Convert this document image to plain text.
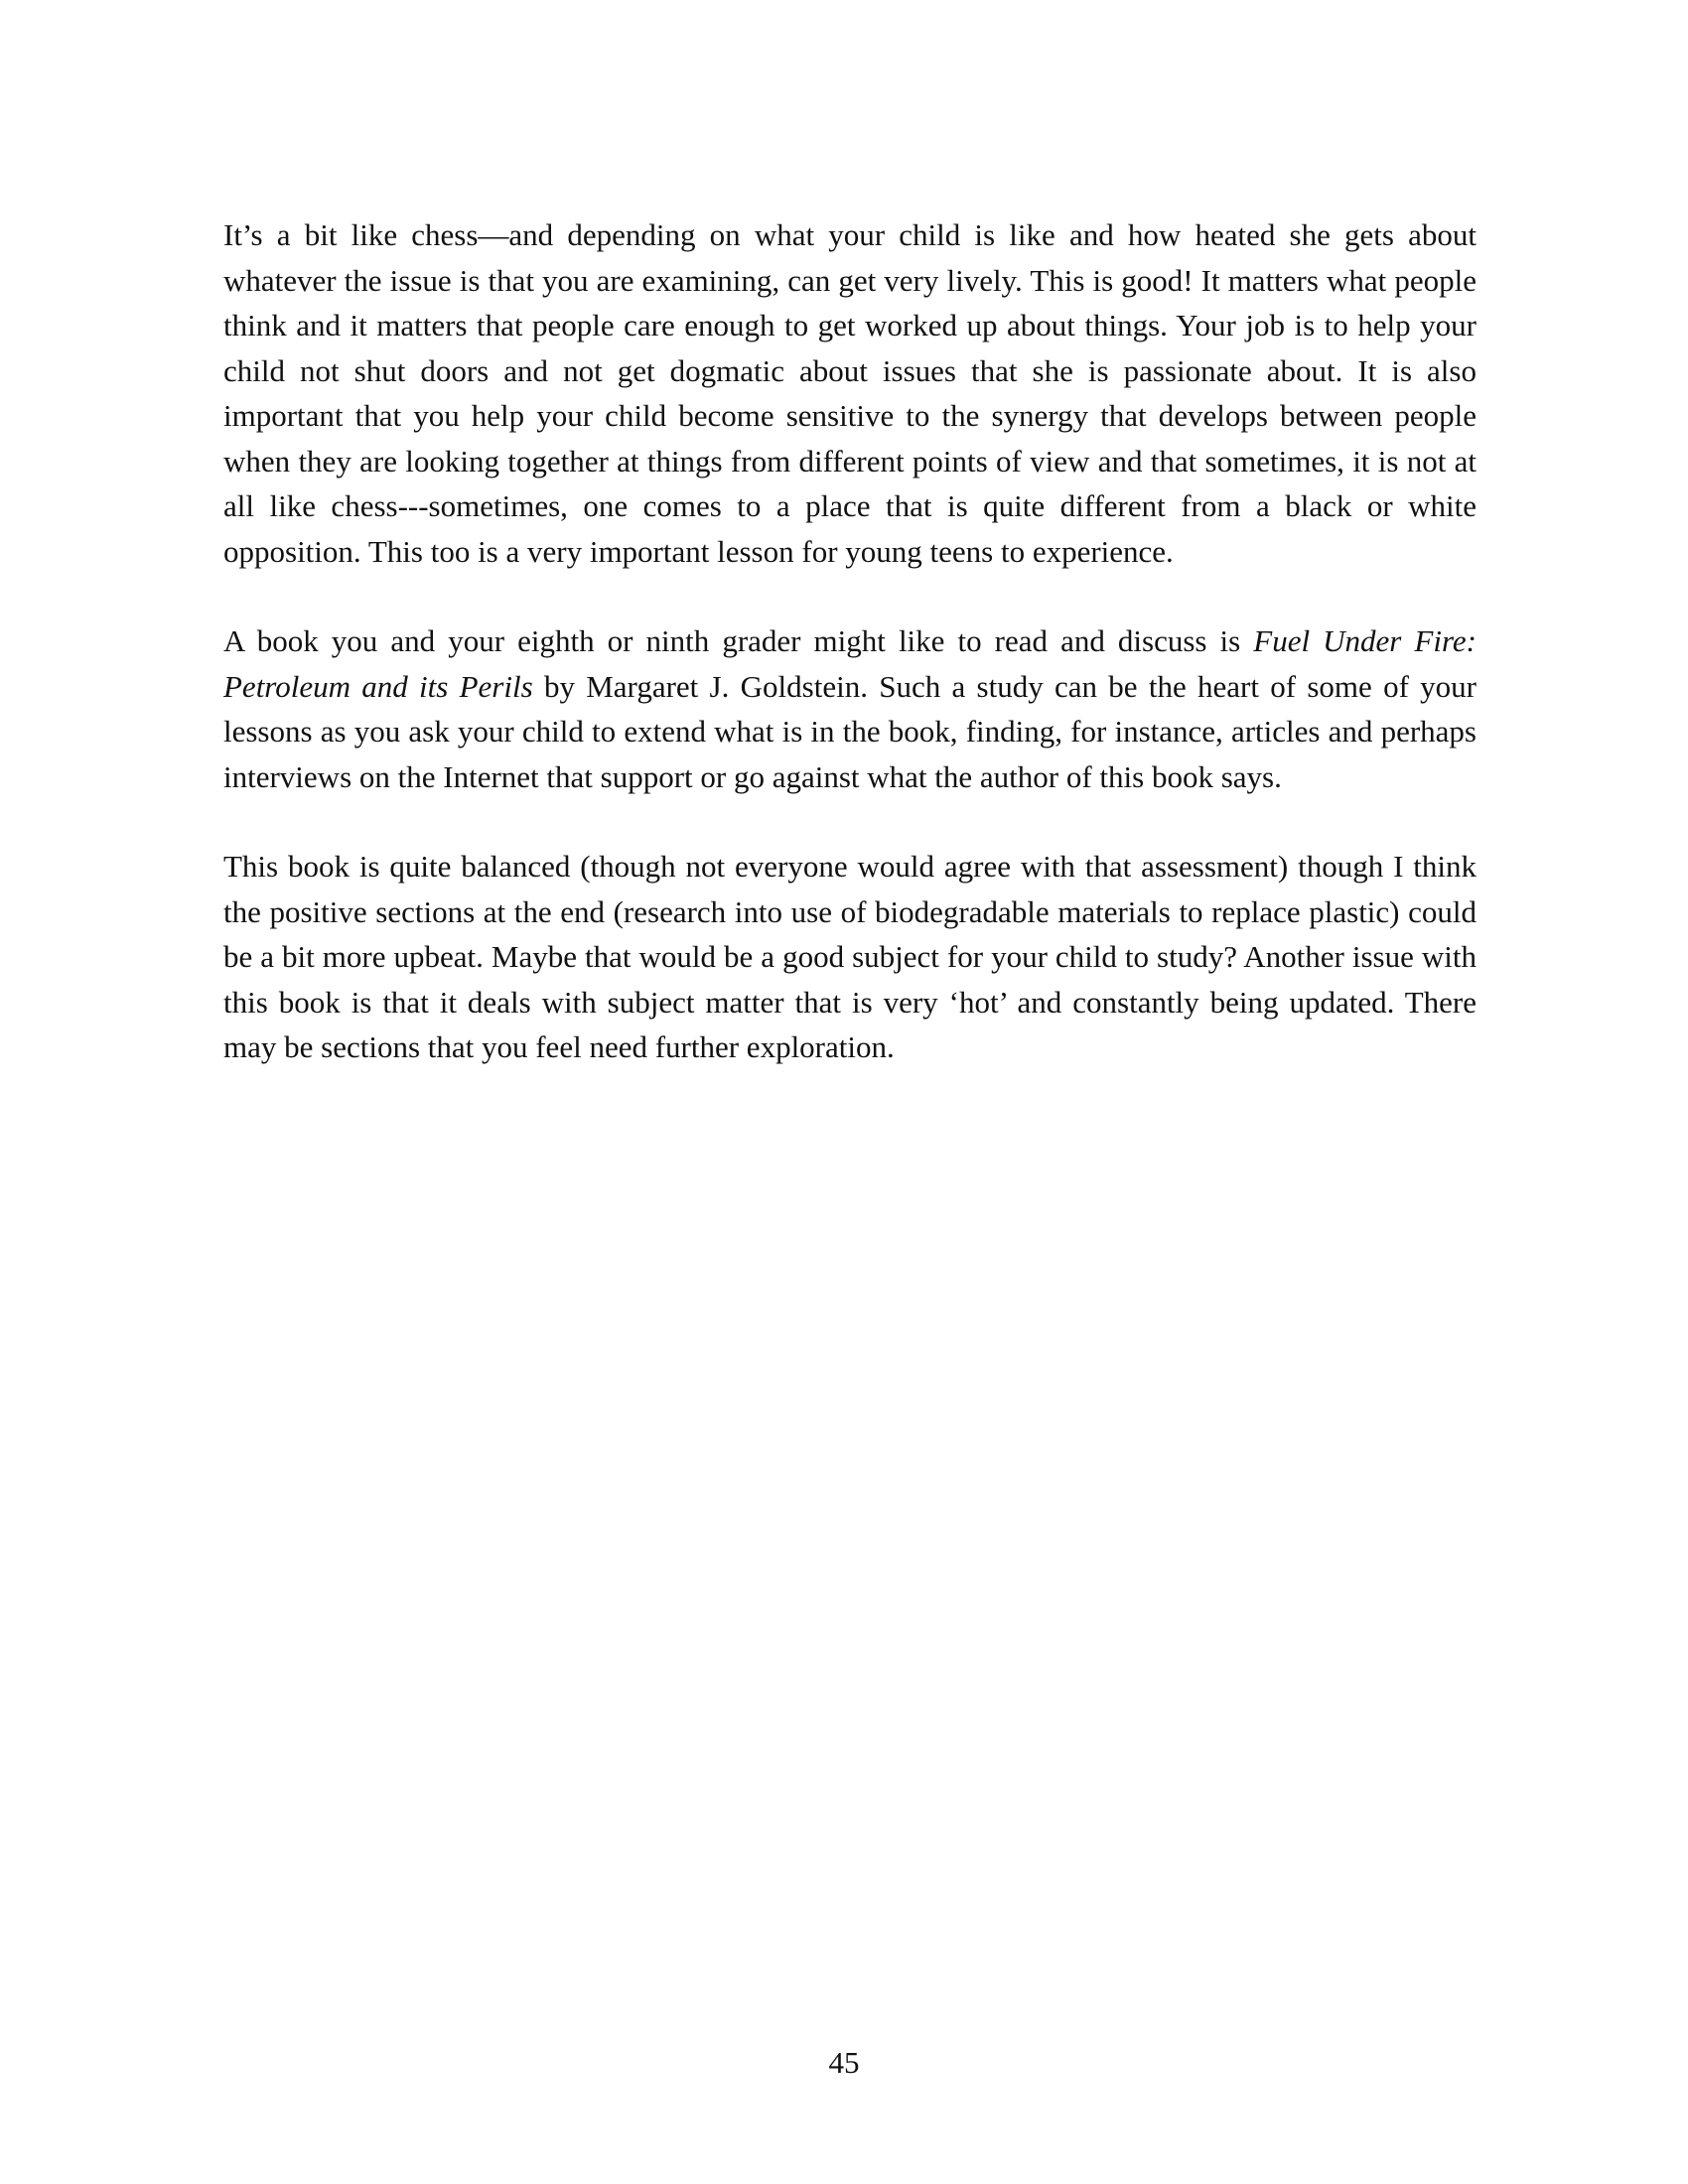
It’s a bit like chess—and depending on what your child is like and how heated she gets about whatever the issue is that you are examining, can get very lively. This is good! It matters what people think and it matters that people care enough to get worked up about things. Your job is to help your child not shut doors and not get dogmatic about issues that she is passionate about. It is also important that you help your child become sensitive to the synergy that develops between people when they are looking together at things from different points of view and that sometimes, it is not at all like chess---sometimes, one comes to a place that is quite different from a black or white opposition. This too is a very important lesson for young teens to experience.

A book you and your eighth or ninth grader might like to read and discuss is Fuel Under Fire: Petroleum and its Perils by Margaret J. Goldstein. Such a study can be the heart of some of your lessons as you ask your child to extend what is in the book, finding, for instance, articles and perhaps interviews on the Internet that support or go against what the author of this book says.

This book is quite balanced (though not everyone would agree with that assessment) though I think the positive sections at the end (research into use of biodegradable materials to replace plastic) could be a bit more upbeat. Maybe that would be a good subject for your child to study? Another issue with this book is that it deals with subject matter that is very ‘hot’ and constantly being updated. There may be sections that you feel need further exploration.

45
